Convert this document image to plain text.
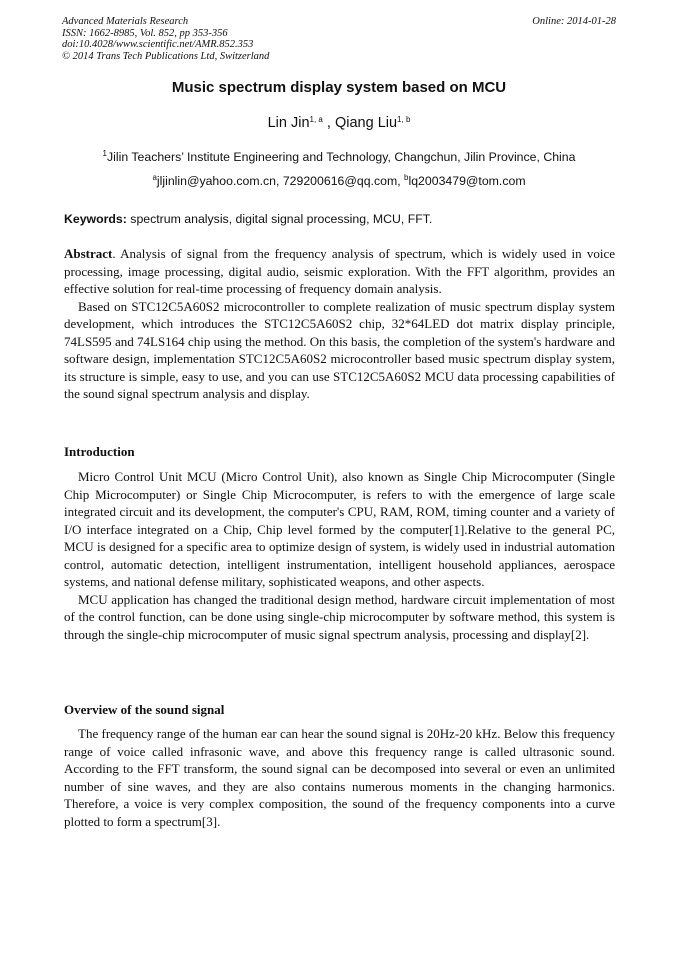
Advanced Materials Research
ISSN: 1662-8985, Vol. 852, pp 353-356
doi:10.4028/www.scientific.net/AMR.852.353
© 2014 Trans Tech Publications Ltd, Switzerland
Online: 2014-01-28
Music spectrum display system based on MCU
Lin Jin$^{1, a}$ , Qiang Liu$^{1, b}$
$^1$Jilin Teachers’ Institute Engineering and Technology, Changchun, Jilin Province, China
$^a$jljinlin@yahoo.com.cn, 729200616@qq.com, $^b$lq2003479@tom.com
Keywords: spectrum analysis, digital signal processing, MCU, FFT.

Abstract. Analysis of signal from the frequency analysis of spectrum, which is widely used in voice processing, image processing, digital audio, seismic exploration. With the FFT algorithm, provides an effective solution for real-time processing of frequency domain analysis.

Based on STC12C5A60S2 microcontroller to complete realization of music spectrum display system development, which introduces the STC12C5A60S2 chip, 32*64LED dot matrix display principle, 74LS595 and 74LS164 chip using the method. On this basis, the completion of the system's hardware and software design, implementation STC12C5A60S2 microcontroller based music spectrum display system, its structure is simple, easy to use, and you can use STC12C5A60S2 MCU data processing capabilities of the sound signal spectrum analysis and display.

Introduction

Micro Control Unit MCU (Micro Control Unit), also known as Single Chip Microcomputer (Single Chip Microcomputer) or Single Chip Microcomputer, is refers to with the emergence of large scale integrated circuit and its development, the computer's CPU, RAM, ROM, timing counter and a variety of I/O interface integrated on a Chip, Chip level formed by the computer[1].Relative to the general PC, MCU is designed for a specific area to optimize design of system, is widely used in industrial automation control, automatic detection, intelligent instrumentation, intelligent household appliances, aerospace systems, and national defense military, sophisticated weapons, and other aspects.

MCU application has changed the traditional design method, hardware circuit implementation of most of the control function, can be done using single-chip microcomputer by software method, this system is through the single-chip microcomputer of music signal spectrum analysis, processing and display[2].

Overview of the sound signal

The frequency range of the human ear can hear the sound signal is 20Hz-20 kHz. Below this frequency range of voice called infrasonic wave, and above this frequency range is called ultrasonic sound. According to the FFT transform, the sound signal can be decomposed into several or even an unlimited number of sine waves, and they are also contains numerous moments in the changing harmonics. Therefore, a voice is very complex composition, the sound of the frequency components into a curve plotted to form a spectrum[3].
